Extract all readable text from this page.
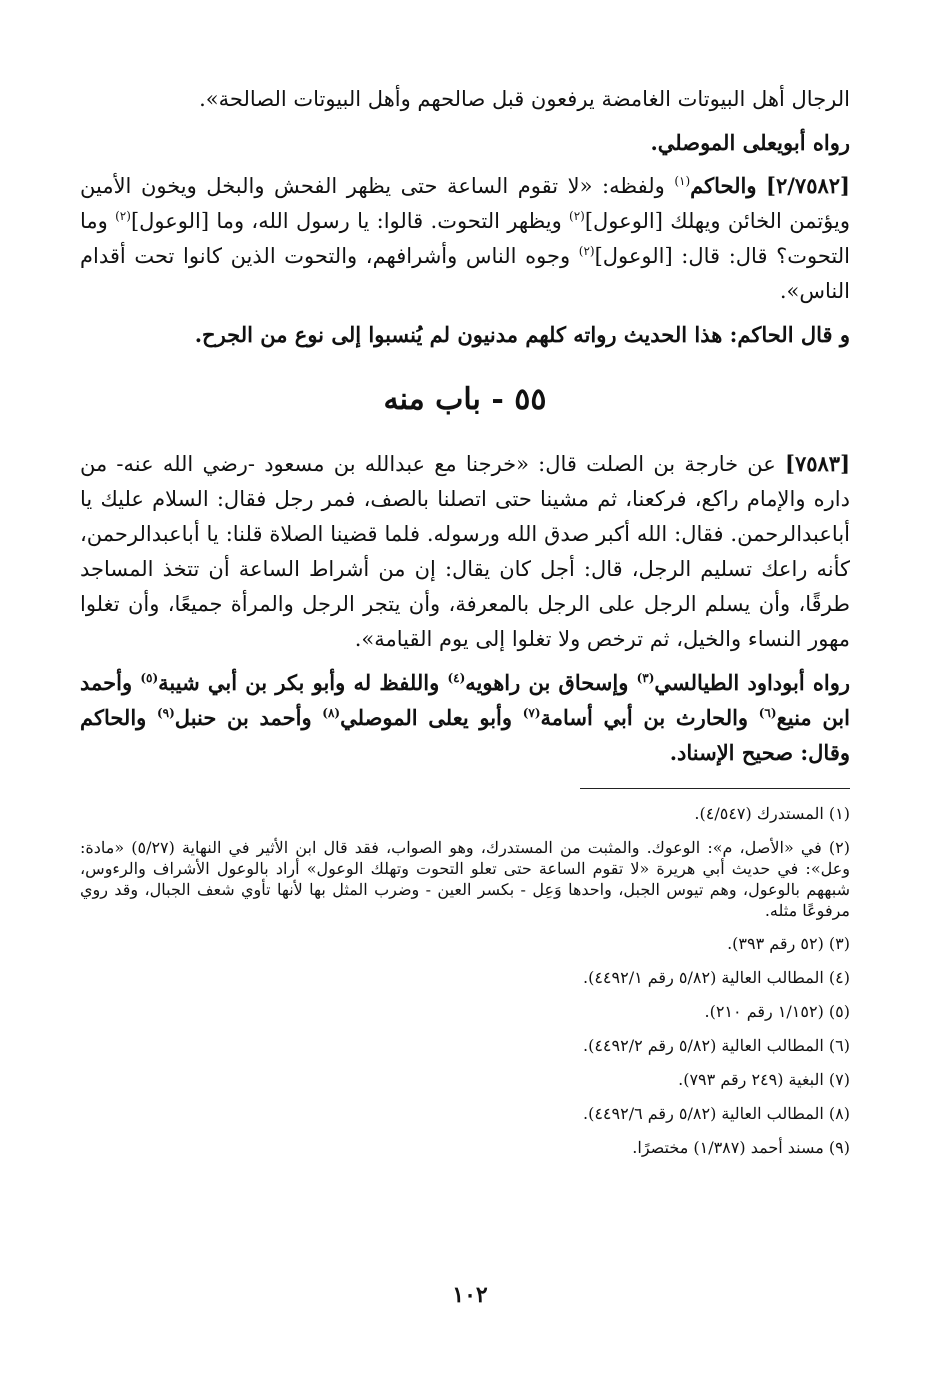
الرجال أهل البيوتات الغامضة يرفعون قبل صالحهم وأهل البيوتات الصالحة».

رواه أبويعلى الموصلي.

[٢/٧٥٨٢] والحاكم$^{(١)}$ ولفظه: «لا تقوم الساعة حتى يظهر الفحش والبخل ويخون الأمين ويؤتمن الخائن ويهلك [الوعول]$^{(٢)}$ ويظهر التحوت. قالوا: يا رسول الله، وما [الوعول]$^{(٢)}$ وما التحوت؟ قال: قال: [الوعول]$^{(٢)}$ وجوه الناس وأشرافهم، والتحوت الذين كانوا تحت أقدام الناس».

و قال الحاكم: هذا الحديث رواته كلهم مدنيون لم يُنسبوا إلى نوع من الجرح.

٥٥ - باب منه

[٧٥٨٣] عن خارجة بن الصلت قال: «خرجنا مع عبدالله بن مسعود -رضي الله عنه- من داره والإمام راكع، فركعنا، ثم مشينا حتى اتصلنا بالصف، فمر رجل فقال: السلام عليك يا أباعبدالرحمن. فقال: الله أكبر صدق الله ورسوله. فلما قضينا الصلاة قلنا: يا أباعبدالرحمن، كأنه راعك تسليم الرجل، قال: أجل كان يقال: إن من أشراط الساعة أن تتخذ المساجد طرقًا، وأن يسلم الرجل على الرجل بالمعرفة، وأن يتجر الرجل والمرأة جميعًا، وأن تغلوا مهور النساء والخيل، ثم ترخص ولا تغلوا إلى يوم القيامة».

رواه أبوداود الطيالسي$^{(٣)}$ وإسحاق بن راهويه$^{(٤)}$ واللفظ له وأبو بكر بن أبي شيبة$^{(٥)}$ وأحمد ابن منيع$^{(٦)}$ والحارث بن أبي أسامة$^{(٧)}$ وأبو يعلى الموصلي$^{(٨)}$ وأحمد بن حنبل$^{(٩)}$ والحاكم وقال: صحيح الإسناد.

(١) المستدرك (٤/٥٤٧).

(٢) في «الأصل، م»: الوعوك. والمثبت من المستدرك، وهو الصواب، فقد قال ابن الأثير في النهاية (٥/٢٧) «مادة: وعل»: في حديث أبي هريرة «لا تقوم الساعة حتى تعلو التحوت وتهلك الوعول» أراد بالوعول الأشراف والرءوس، شبههم بالوعول، وهم تيوس الجبل، واحدها وَعِل - بكسر العين - وضرب المثل بها لأنها تأوي شعف الجبال، وقد روي مرفوعًا مثله.

(٣) (٥٢ رقم ٣٩٣).

(٤) المطالب العالية (٥/٨٢ رقم ٤٤٩٢/١).

(٥) (١/١٥٢ رقم ٢١٠).

(٦) المطالب العالية (٥/٨٢ رقم ٤٤٩٢/٢).

(٧) البغية (٢٤٩ رقم ٧٩٣).

(٨) المطالب العالية (٥/٨٢ رقم ٤٤٩٢/٦).

(٩) مسند أحمد (١/٣٨٧) مختصرًا.

١٠٢
